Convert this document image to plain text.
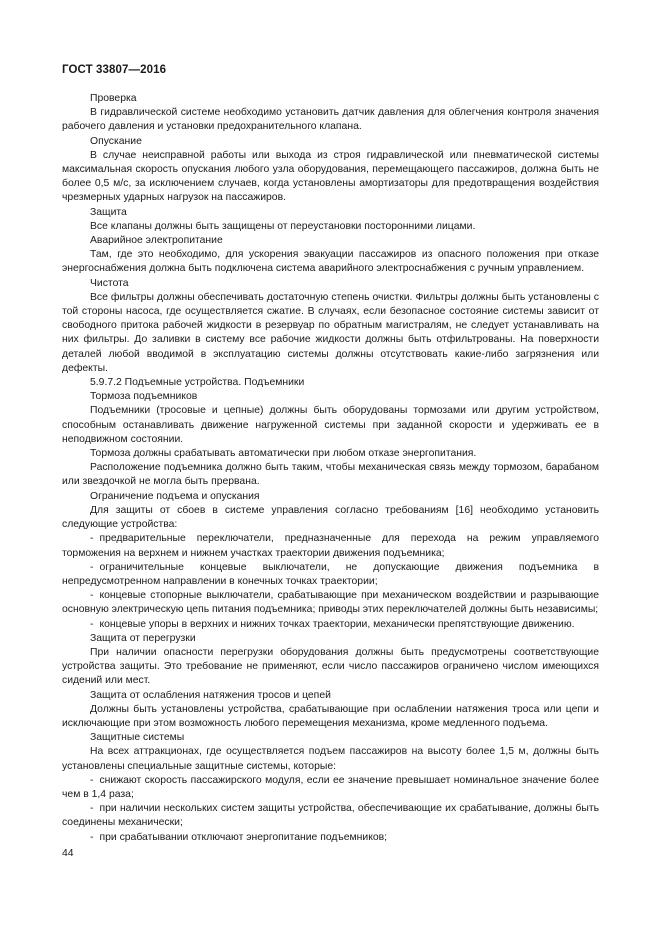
ГОСТ 33807—2016
Проверка
В гидравлической системе необходимо установить датчик давления для облегчения контроля значения рабочего давления и установки предохранительного клапана.
Опускание
В случае неисправной работы или выхода из строя гидравлической или пневматической системы максимальная скорость опускания любого узла оборудования, перемещающего пассажиров, должна быть не более 0,5 м/с, за исключением случаев, когда установлены амортизаторы для предотвращения воздействия чрезмерных ударных нагрузок на пассажиров.
Защита
Все клапаны должны быть защищены от переустановки посторонними лицами.
Аварийное электропитание
Там, где это необходимо, для ускорения эвакуации пассажиров из опасного положения при отказе энергоснабжения должна быть подключена система аварийного электроснабжения с ручным управлением.
Чистота
Все фильтры должны обеспечивать достаточную степень очистки. Фильтры должны быть установлены с той стороны насоса, где осуществляется сжатие. В случаях, если безопасное состояние системы зависит от свободного притока рабочей жидкости в резервуар по обратным магистралям, не следует устанавливать на них фильтры. До заливки в систему все рабочие жидкости должны быть отфильтрованы. На поверхности деталей любой вводимой в эксплуатацию системы должны отсутствовать какие-либо загрязнения или дефекты.
5.9.7.2 Подъемные устройства. Подъемники
Тормоза подъемников
Подъемники (тросовые и цепные) должны быть оборудованы тормозами или другим устройством, способным останавливать движение нагруженной системы при заданной скорости и удерживать ее в неподвижном состоянии.
Тормоза должны срабатывать автоматически при любом отказе энергопитания.
Расположение подъемника должно быть таким, чтобы механическая связь между тормозом, барабаном или звездочкой не могла быть прервана.
Ограничение подъема и опускания
Для защиты от сбоев в системе управления согласно требованиям [16] необходимо установить следующие устройства:
- предварительные переключатели, предназначенные для перехода на режим управляемого торможения на верхнем и нижнем участках траектории движения подъемника;
- ограничительные концевые выключатели, не допускающие движения подъемника в непредусмотренном направлении в конечных точках траектории;
- концевые стопорные выключатели, срабатывающие при механическом воздействии и разрывающие основную электрическую цепь питания подъемника; приводы этих переключателей должны быть независимы;
- концевые упоры в верхних и нижних точках траектории, механически препятствующие движению.
Защита от перегрузки
При наличии опасности перегрузки оборудования должны быть предусмотрены соответствующие устройства защиты. Это требование не применяют, если число пассажиров ограничено числом имеющихся сидений или мест.
Защита от ослабления натяжения тросов и цепей
Должны быть установлены устройства, срабатывающие при ослаблении натяжения троса или цепи и исключающие при этом возможность любого перемещения механизма, кроме медленного подъема.
Защитные системы
На всех аттракционах, где осуществляется подъем пассажиров на высоту более 1,5 м, должны быть установлены специальные защитные системы, которые:
- снижают скорость пассажирского модуля, если ее значение превышает номинальное значение более чем в 1,4 раза;
- при наличии нескольких систем защиты устройства, обеспечивающие их срабатывание, должны быть соединены механически;
- при срабатывании отключают энергопитание подъемников;
44
